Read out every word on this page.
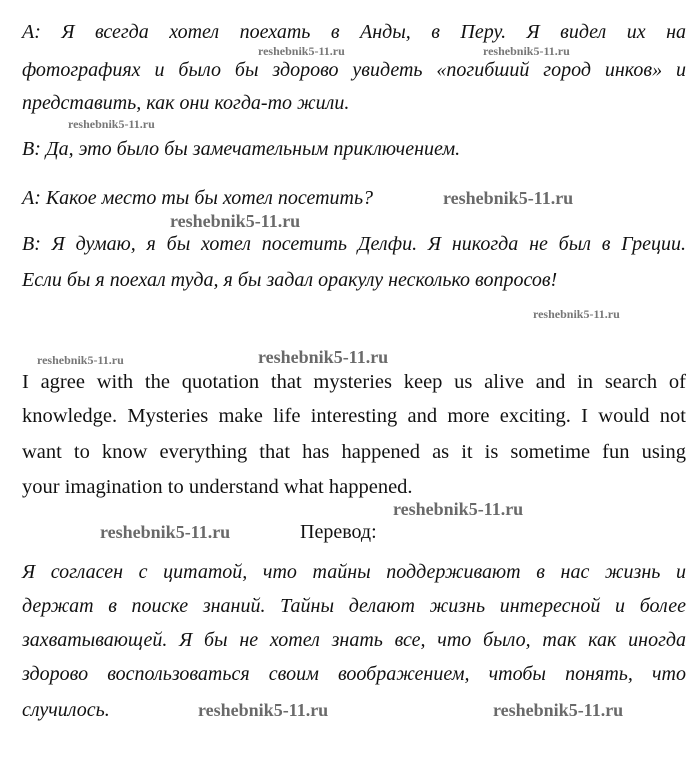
A: Я всегда хотел поехать в Анды, в Перу. Я видел их на
фотографиях и было бы здорово увидеть «погибший город инков» и
представить, как они когда-то жили.
B: Да, это было бы замечательным приключением.
A: Какое место ты бы хотел посетить?
B: Я думаю, я бы хотел посетить Делфи. Я никогда не был в Греции.
Если бы я поехал туда, я бы задал оракулу несколько вопросов!
I agree with the quotation that mysteries keep us alive and in search of
knowledge. Mysteries make life interesting and more exciting. I would not
want to know everything that has happened as it is sometime fun using
your imagination to understand what happened.
Перевод:
Я согласен с цитатой, что тайны поддерживают в нас жизнь и
держат в поиске знаний. Тайны делают жизнь интересной и более
захватывающей. Я бы не хотел знать все, что было, так как иногда
здорово воспользоваться своим воображением, чтобы понять, что
случилось.
reshebnik5-11.ru	reshebnik5-11.ru
reshebnik5-11.ru
reshebnik5-11.ru
reshebnik5-11.ru
reshebnik5-11.ru
reshebnik5-11.ru	reshebnik5-11.ru
reshebnik5-11.ru
reshebnik5-11.ru
reshebnik5-11.ru	reshebnik5-11.ru
